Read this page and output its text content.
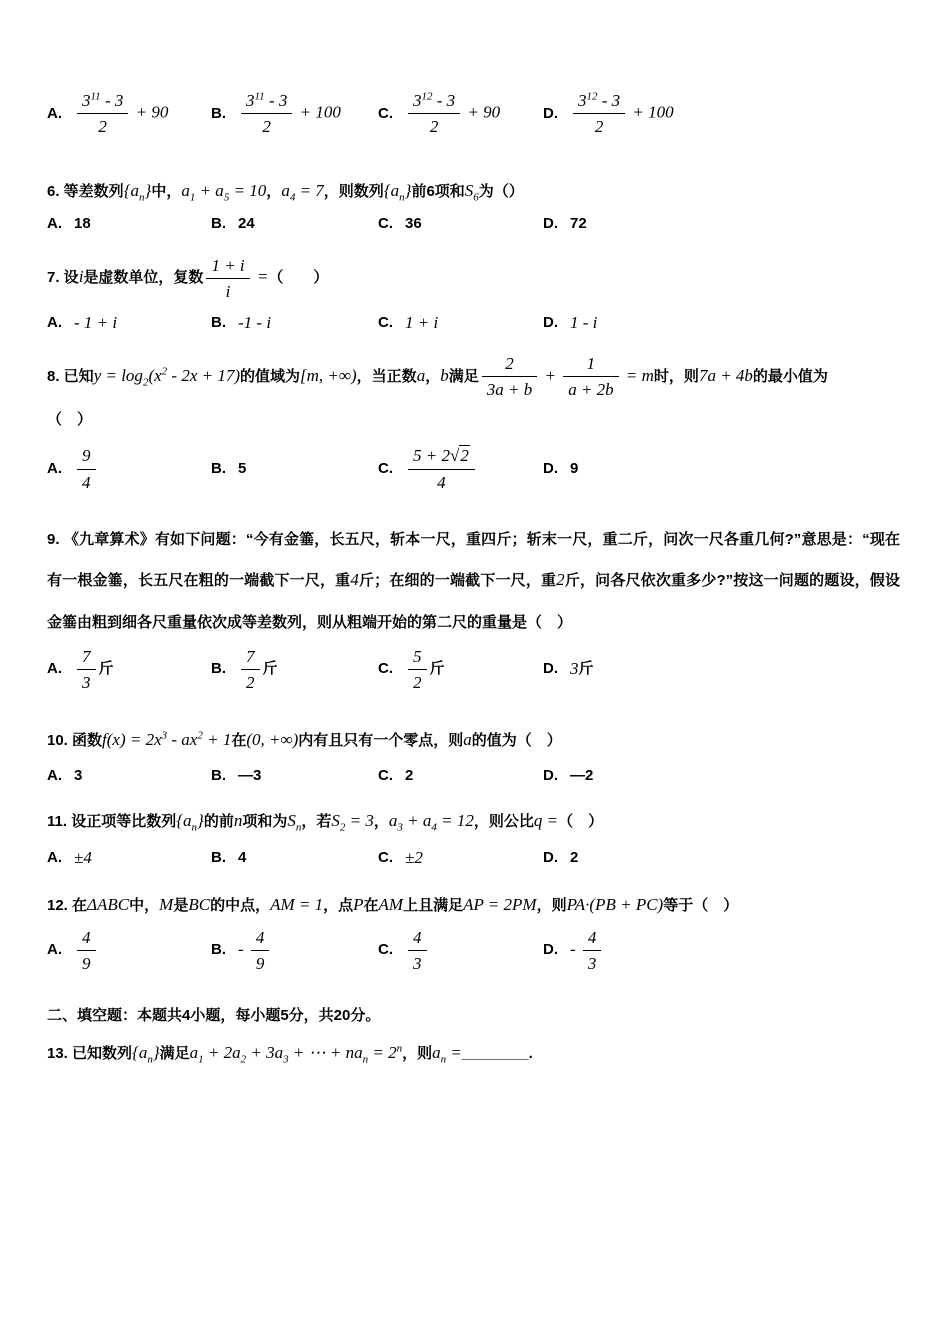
A. $\frac{3^{11} - 3}{2} + 90$	B. $\frac{3^{11} - 3}{2} + 100$ C. $\frac{3^{12} - 3}{2} + 90$	D. $\frac{3^{12} - 3}{2} + 100$
6. 等差数列$\{a_n\}$中，$a_1 + a_5 = 10$，$a_4 = 7$，则数列$\{a_n\}$前6项和$S_6$为（）
A. 18	B. 24	C. 36	D. 72
7. 设i是虚数单位，复数 $\frac{1 + i}{i}$ =（　　）
A. - 1 + i	B. -1 - i	C. 1 + i	D. 1 - i
8. 已知$y = \log_2(x^2 - 2x + 17)$的值域为[m, +∞)，当正数a，b满足 $\frac{2}{3a + b} + \frac{1}{a + 2b} = m$时，则7a + 4b的最小值为
（　）
A. $\frac{9}{4}$	B. 5	C. $\frac{5 + 2√2}{4}$	D. 9
9. 《九章算术》有如下问题：“今有金箠，长五尺，斩本一尺，重四斤；斩末一尺，重二斤，问次一尺各重几何?”意思是：“现在有一根金箠，长五尺在粗的一端截下一尺，重4斤；在细的一端截下一尺，重2斤，问各尺依次重多少?”按这一问题的题设，假设金箠由粗到细各尺重量依次成等差数列，则从粗端开始的第二尺的重量是（　）
A. $\frac{7}{3}$ 斤	B. $\frac{7}{2}$ 斤	C. $\frac{5}{2}$ 斤	D. 3 斤
10. 函数$f(x) = 2x^3 - ax^2 + 1$在(0, +∞)内有且只有一个零点，则a的值为（　）
A. 3	B. —3	C. 2	D. —2
11. 设正项等比数列$\{a_n\}$的前n项和为$S_n$，若$S_2 = 3$，$a_3 + a_4 = 12$，则公比q =（　）
A. ±4	B. 4	C. ±2	D. 2
12. 在ΔABC中，M是BC的中点，AM = 1，点P在AM上且满足AP = 2PM，则PA·(PB + PC)等于（　）
A. $\frac{4}{9}$	B. - $\frac{4}{9}$	C. $\frac{4}{3}$	D. - $\frac{4}{3}$
二、填空题：本题共4小题，每小题5分，共20分。
13. 已知数列$\{a_n\}$满足$a_1 + 2a_2 + 3a_3$ + ⋯ + $na_n = 2^n$，则$a_n$ =________.
